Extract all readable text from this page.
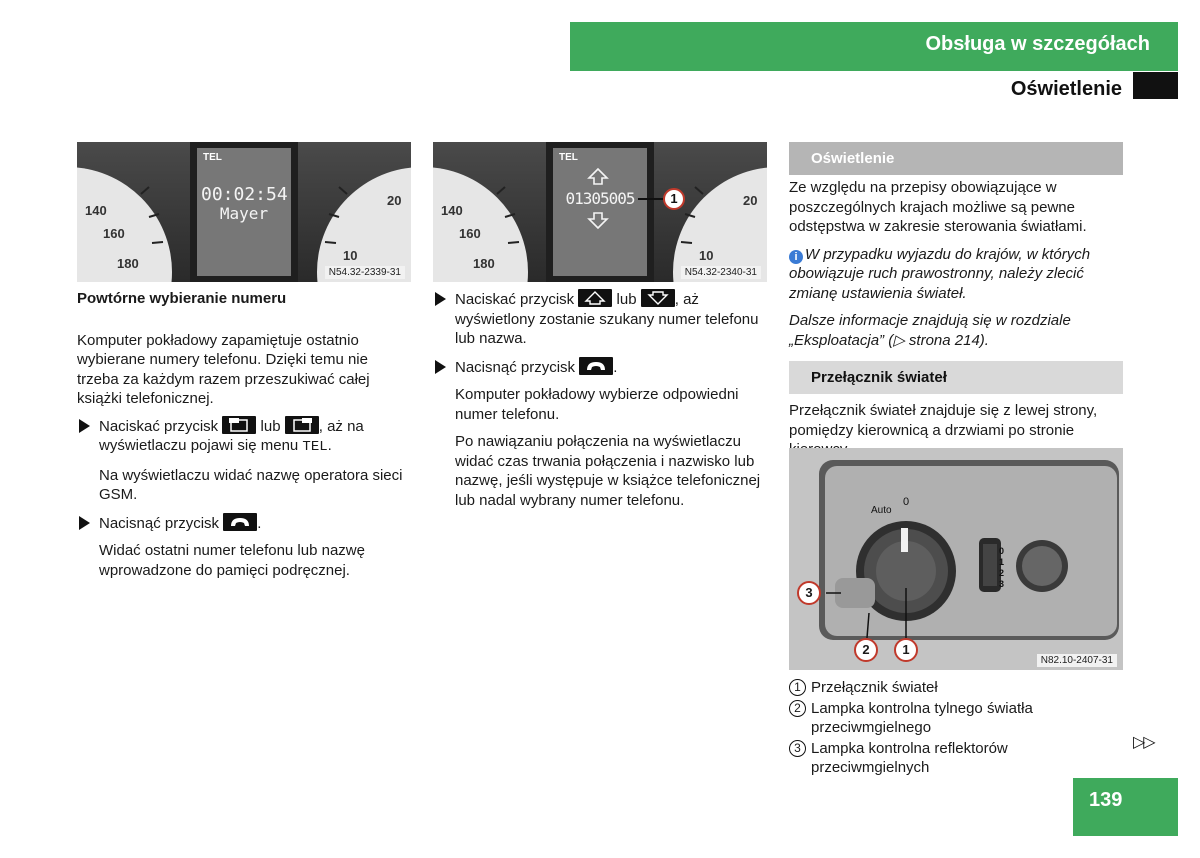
Obsługa w szczegółach
Oświetlenie
TEL
00:02:54
Mayer
140
160
180
20
10
N54.32-2339-31
TEL
01305005	1
140
160
180
20
10
N54.32-2340-31

Powtórne wybieranie numeru

Komputer pokładowy zapamiętuje ostatnio wybierane numery telefonu. Dzięki temu nie trzeba za każdym razem przeszukiwać całej książki telefonicznej.

Naciskać przycisk	lub	, aż na wyświetlaczu pojawi się menu TEL.

Na wyświetlaczu widać nazwę operatora sieci GSM.

Nacisnąć przycisk	.

Widać ostatni numer telefonu lub nazwę wprowadzone do pamięci podręcznej.

Naciskać przycisk	lub	, aż wyświetlony zostanie szukany numer telefonu lub nazwa.

Nacisnąć przycisk	.

Komputer pokładowy wybierze odpowiedni numer telefonu.

Po nawiązaniu połączenia na wyświetlaczu widać czas trwania połączenia i nazwisko lub nazwę, jeśli występuje w książce telefonicznej lub nadal wybrany numer telefonu.

Oświetlenie

Ze względu na przepisy obowiązujące w poszczególnych krajach możliwe są pewne odstępstwa w zakresie sterowania światłami.

i W przypadku wyjazdu do krajów, w których obowiązuje ruch prawostronny, należy zlecić zmianę ustawienia świateł.

Dalsze informacje znajdują się w rozdziale „Eksploatacja” (▷ strona 214).

Przełącznik świateł
Przełącznik świateł znajduje się z lewej strony, pomiędzy kierownicą a drzwiami po stronie
Auto
0
0
1
2
3
3
2	1
N82.10-2407-31
1 Przełącznik świateł
2 Lampka kontrolna tylnego światła przeciwmgielnego
3 Lampka kontrolna reflektorów przeciwmgielnych
▷▷
139
